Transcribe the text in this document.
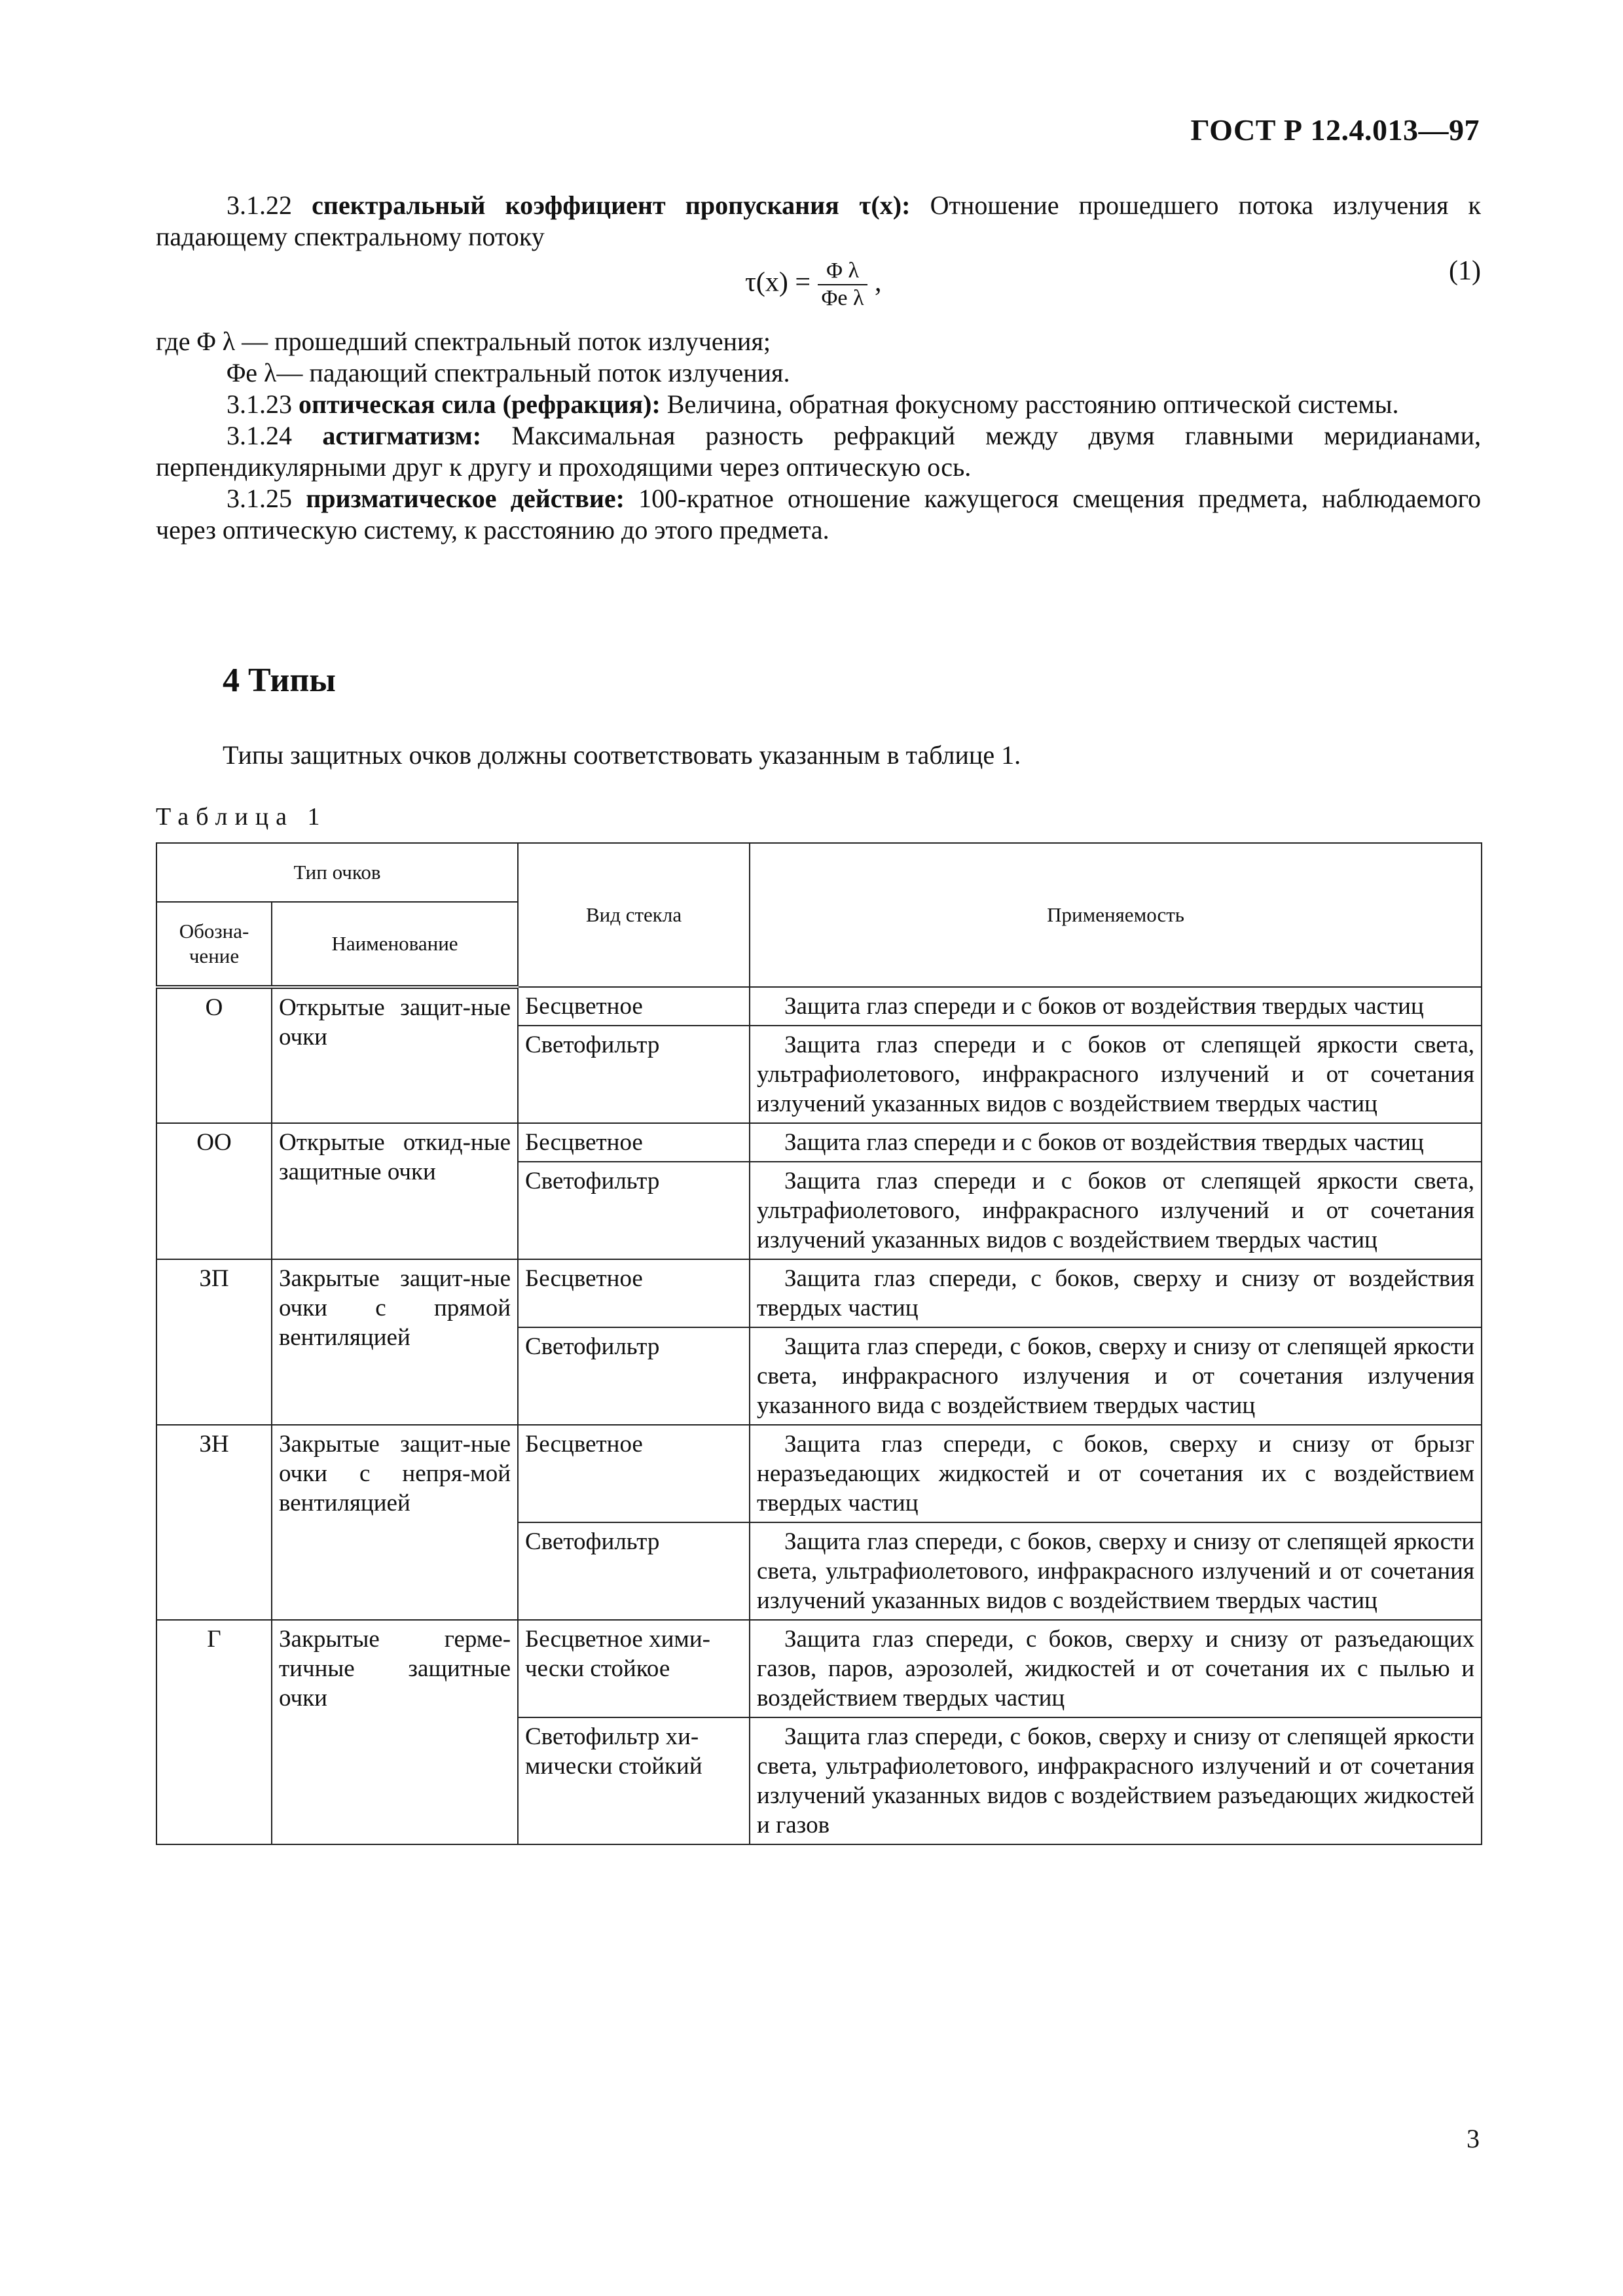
ГОСТ Р 12.4.013—97

3.1.22 спектральный коэффициент пропускания τ(x): Отношение прошедшего потока излучения к падающему спектральному потоку

$\tau(x) = \frac{\text{Φ λ}}{\text{Φe λ}}$ ,	(1)

где Φ λ — прошедший спектральный поток излучения;

Φe λ— падающий спектральный поток излучения.

3.1.23 оптическая сила (рефракция): Величина, обратная фокусному расстоянию оптической системы.

3.1.24 астигматизм: Максимальная разность рефракций между двумя главными меридианами, перпендикулярными друг к другу и проходящими через оптическую ось.

3.1.25 призматическое действие: 100-кратное отношение кажущегося смещения предмета, наблюдаемого через оптическую систему, к расстоянию до этого предмета.

4 Типы
Типы защитных очков должны соответствовать указанным в таблице 1.
Таблица 1
Тип очков		Вид стекла	Применяемость
Обозна-чение	Наименование		
О	Открытые защит-ные очки	Бесцветное	Защита глаз спереди и с боков от воздействия твердых частиц
		Светофильтр	Защита глаз спереди и с боков от слепящей яркости света, ультрафиолетового, инфракрасного излучений и от сочетания излучений указанных видов с воздействием твердых частиц
ОО	Открытые откид-ные защитные очки	Бесцветное	Защита глаз спереди и с боков от воздействия твердых частиц
		Светофильтр	Защита глаз спереди и с боков от слепящей яркости света, ультрафиолетового, инфракрасного излучений и от сочетания излучений указанных видов с воздействием твердых частиц
ЗП	Закрытые защит-ные очки с прямой вентиляцией	Бесцветное	Защита глаз спереди, с боков, сверху и снизу от воздействия твердых частиц
		Светофильтр	Защита глаз спереди, с боков, сверху и снизу от слепящей яркости света, инфракрасного излучения и от сочетания излучения указанного вида с воздействием твердых частиц
ЗН	Закрытые защит-ные очки с непря-мой вентиляцией	Бесцветное	Защита глаз спереди, с боков, сверху и снизу от брызг неразъедающих жидкостей и от сочетания их с воздействием твердых частиц
		Светофильтр	Защита глаз спереди, с боков, сверху и снизу от слепящей яркости света, ультрафиолетового, инфракрасного излучений и от сочетания излучений указанных видов с воздействием твердых частиц
Г	Закрытые герме-тичные защитные очки	Бесцветное хими-чески стойкое	Защита глаз спереди, с боков, сверху и снизу от разъедающих газов, паров, аэрозолей, жидкостей и от сочетания их с пылью и воздействием твердых частиц
		Светофильтр хи-мически стойкий	Защита глаз спереди, с боков, сверху и снизу от слепящей яркости света, ультрафиолетового, инфракрасного излучений и от сочетания излучений указанных видов с воздействием разъедающих жидкостей и газов
3
